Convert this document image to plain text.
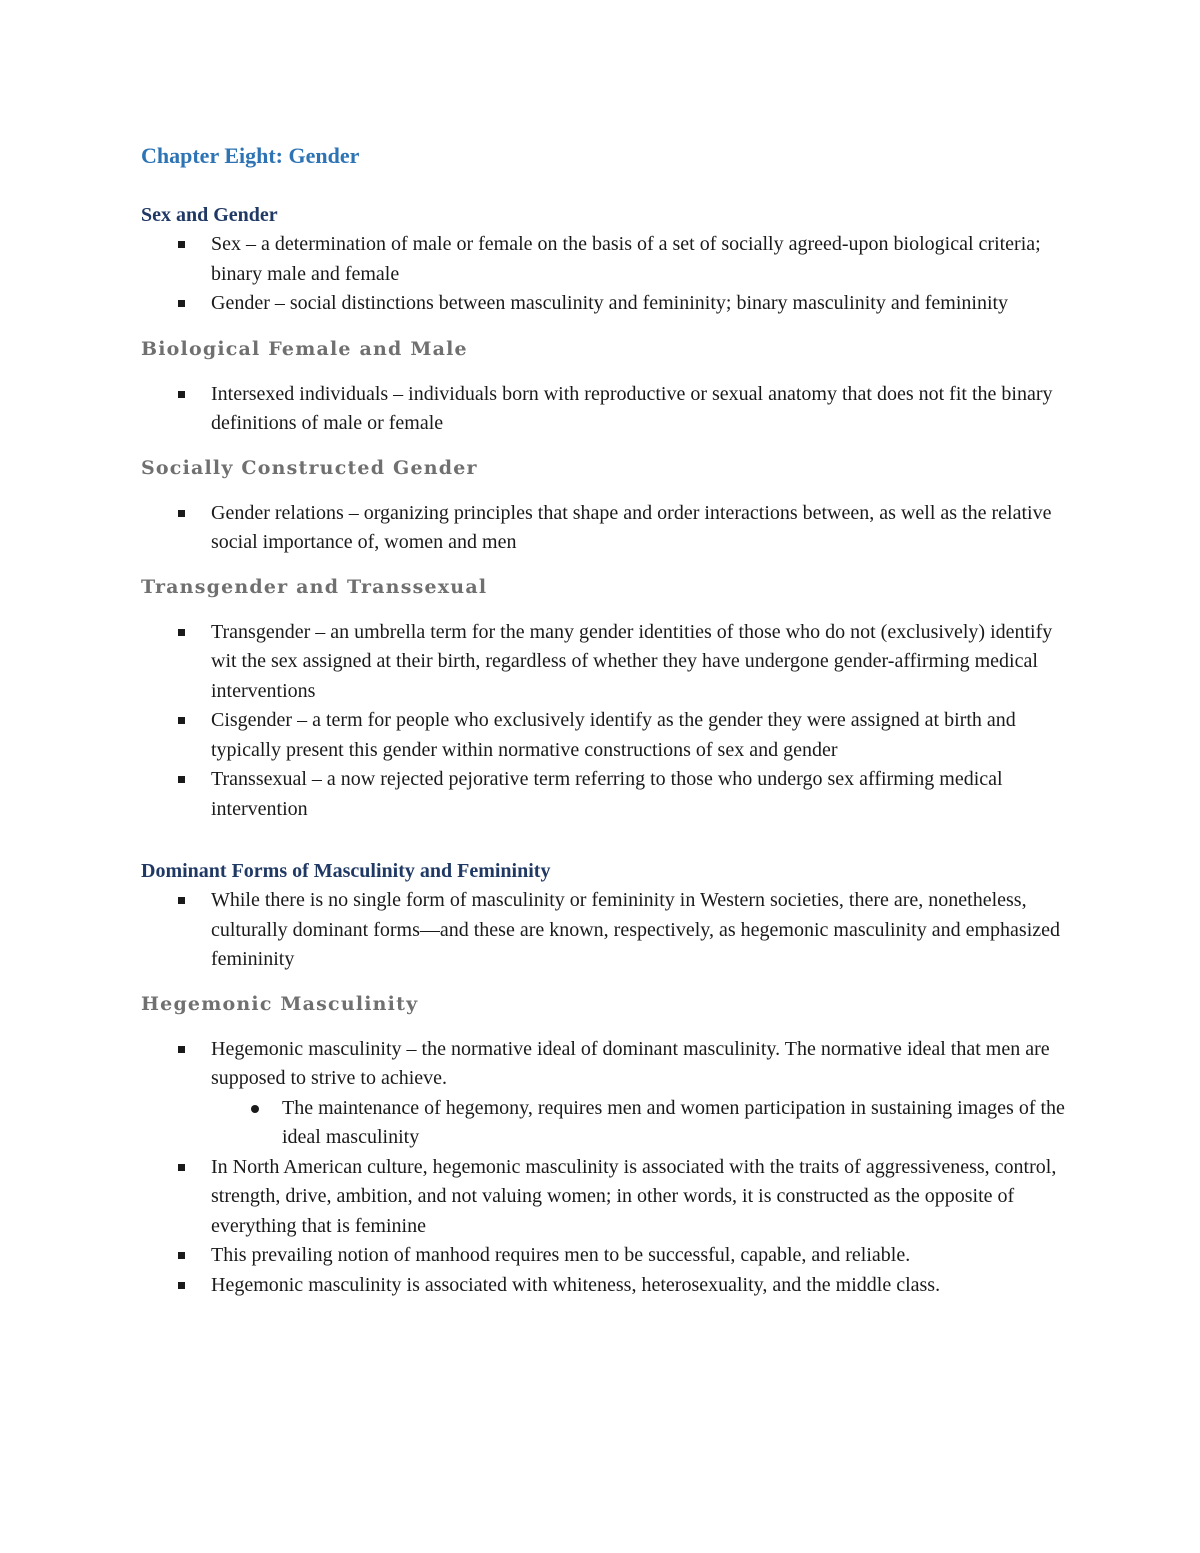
Chapter Eight: Gender
Sex and Gender
Sex – a determination of male or female on the basis of a set of socially agreed-upon biological criteria; binary male and female
Gender – social distinctions between masculinity and femininity; binary masculinity and femininity
Biological Female and Male
Intersexed individuals – individuals born with reproductive or sexual anatomy that does not fit the binary definitions of male or female
Socially Constructed Gender
Gender relations – organizing principles that shape and order interactions between, as well as the relative social importance of, women and men
Transgender and Transsexual
Transgender – an umbrella term for the many gender identities of those who do not (exclusively) identify wit the sex assigned at their birth, regardless of whether they have undergone gender-affirming medical interventions
Cisgender – a term for people who exclusively identify as the gender they were assigned at birth and typically present this gender within normative constructions of sex and gender
Transsexual – a now rejected pejorative term referring to those who undergo sex affirming medical intervention
Dominant Forms of Masculinity and Femininity
While there is no single form of masculinity or femininity in Western societies, there are, nonetheless, culturally dominant forms—and these are known, respectively, as hegemonic masculinity and emphasized femininity
Hegemonic Masculinity
Hegemonic masculinity – the normative ideal of dominant masculinity. The normative ideal that men are supposed to strive to achieve.
The maintenance of hegemony, requires men and women participation in sustaining images of the ideal masculinity
In North American culture, hegemonic masculinity is associated with the traits of aggressiveness, control, strength, drive, ambition, and not valuing women; in other words, it is constructed as the opposite of everything that is feminine
This prevailing notion of manhood requires men to be successful, capable, and reliable.
Hegemonic masculinity is associated with whiteness, heterosexuality, and the middle class.
